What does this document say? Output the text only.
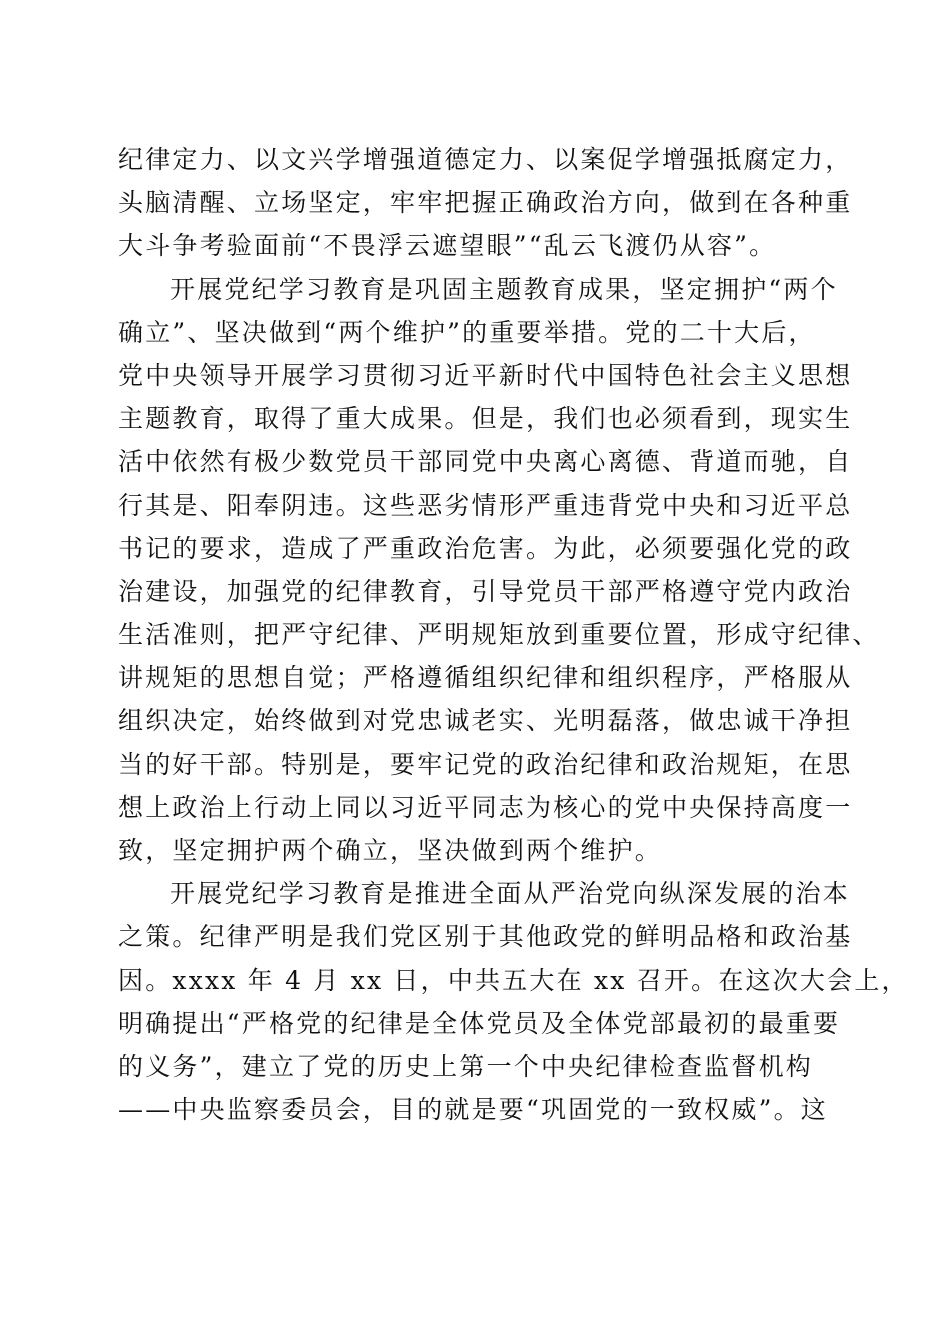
纪律定力、以文兴学增强道德定力、以案促学增强抵腐定力，
头脑清醒、立场坚定，牢牢把握正确政治方向，做到在各种重
大斗争考验面前“不畏浮云遮望眼”“乱云飞渡仍从容”。
开展党纪学习教育是巩固主题教育成果，坚定拥护“两个
确立”、坚决做到“两个维护”的重要举措。党的二十大后，
党中央领导开展学习贯彻习近平新时代中国特色社会主义思想
主题教育，取得了重大成果。但是，我们也必须看到，现实生
活中依然有极少数党员干部同党中央离心离德、背道而驰，自
行其是、阳奉阴违。这些恶劣情形严重违背党中央和习近平总
书记的要求，造成了严重政治危害。为此，必须要强化党的政
治建设，加强党的纪律教育，引导党员干部严格遵守党内政治
生活准则，把严守纪律、严明规矩放到重要位置，形成守纪律、
讲规矩的思想自觉；严格遵循组织纪律和组织程序，严格服从
组织决定，始终做到对党忠诚老实、光明磊落，做忠诚干净担
当的好干部。特别是，要牢记党的政治纪律和政治规矩，在思
想上政治上行动上同以习近平同志为核心的党中央保持高度一
致，坚定拥护两个确立，坚决做到两个维护。
开展党纪学习教育是推进全面从严治党向纵深发展的治本
之策。纪律严明是我们党区别于其他政党的鲜明品格和政治基
因。xxxx 年 4 月 xx 日，中共五大在 xx 召开。在这次大会上，
明确提出“严格党的纪律是全体党员及全体党部最初的最重要
的义务”，建立了党的历史上第一个中央纪律检查监督机构
——中央监察委员会，目的就是要“巩固党的一致权威”。这
